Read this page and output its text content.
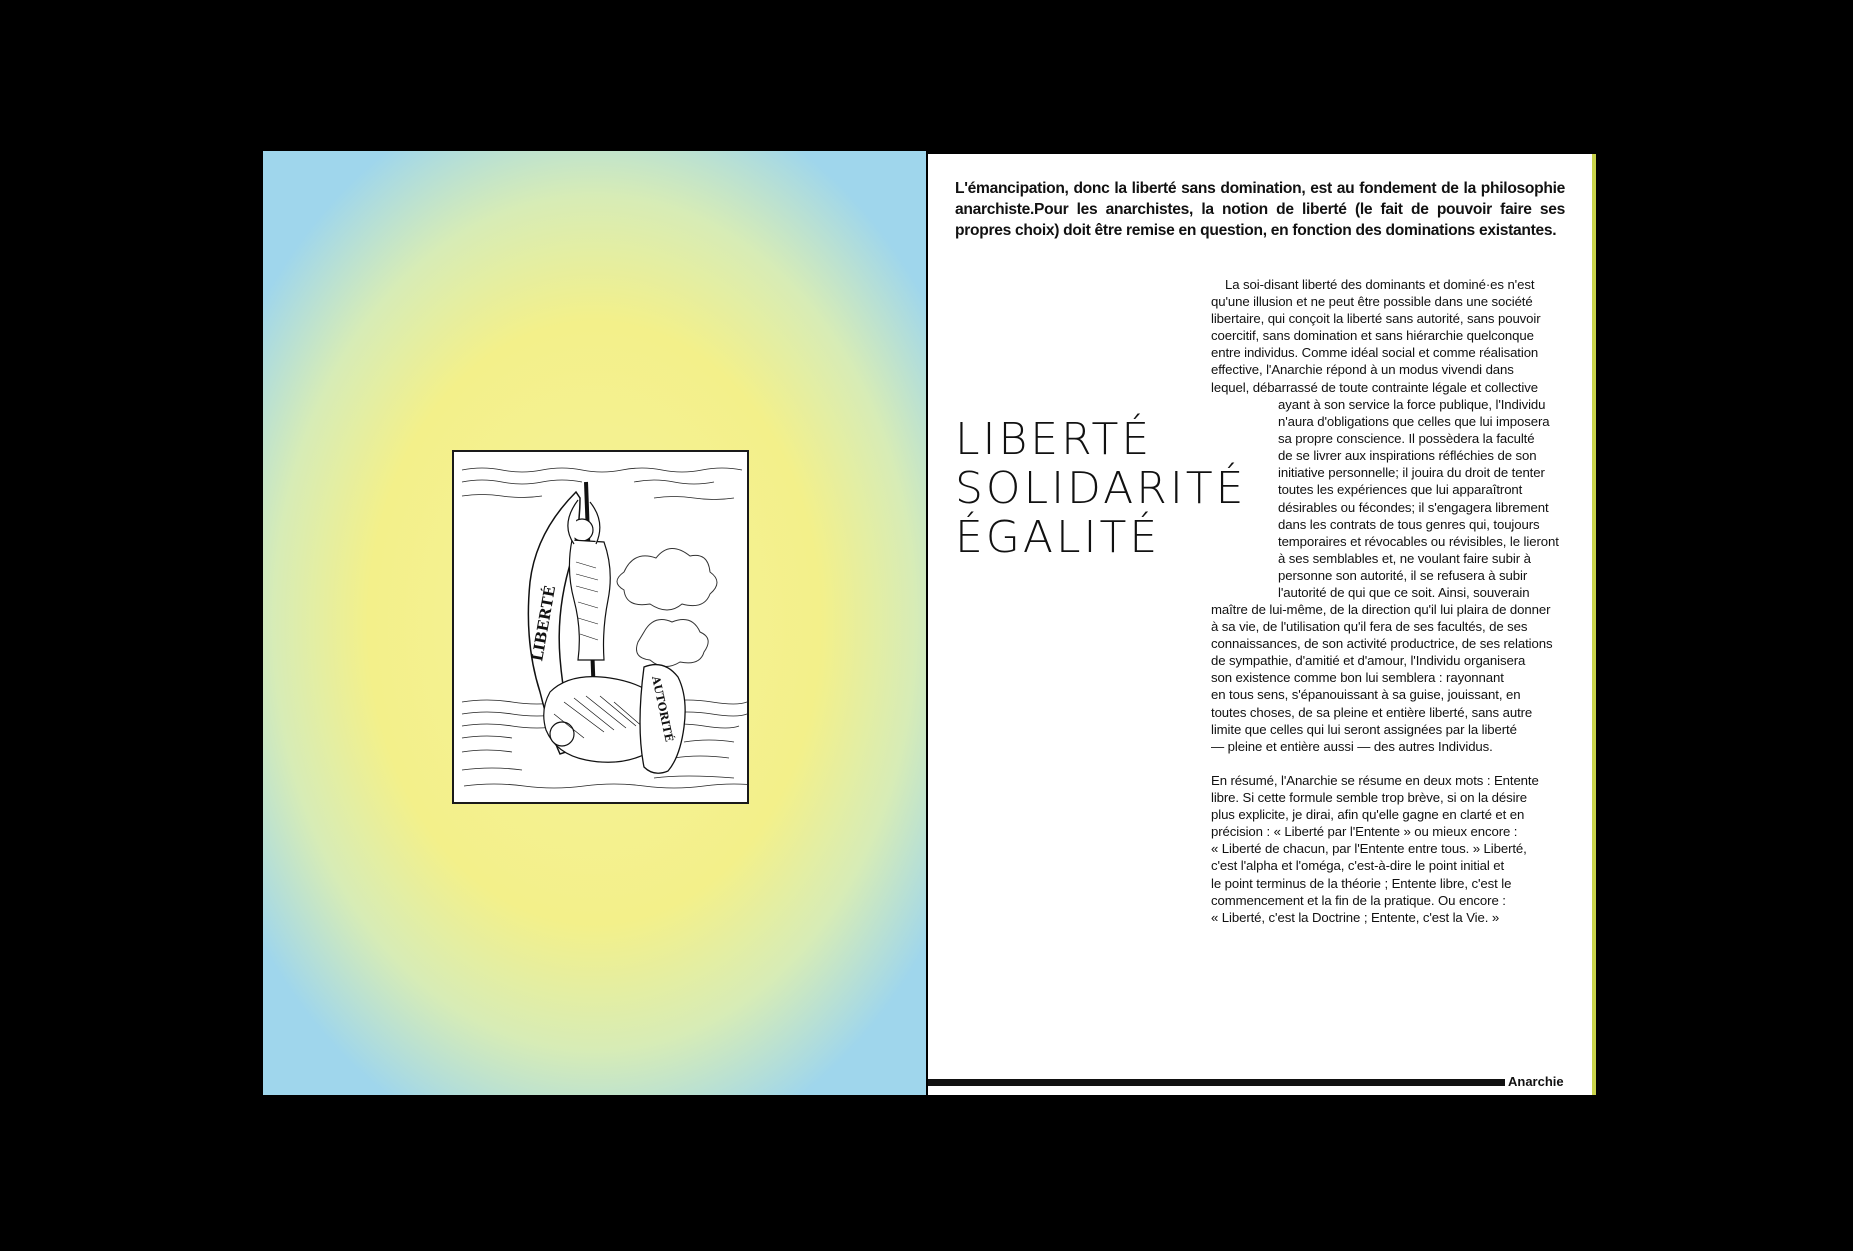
LIBERTÉ
AUTORITÉ
L'émancipation, donc la liberté sans domination, est au fondement de la philosophie anarchiste.Pour les anarchistes, la notion de liberté (le fait de pouvoir faire ses propres choix) doit être remise en question, en fonction des dominations existantes.
LIBERTÉ
SOLIDARITÉ
ÉGALITÉ

La soi-disant liberté des dominants et dominé·es n'est

qu'une illusion et ne peut être possible dans une société

libertaire, qui conçoit la liberté sans autorité, sans pouvoir

coercitif, sans domination et sans hiérarchie quelconque

entre individus. Comme idéal social et comme réalisation

effective, l'Anarchie répond à un modus vivendi dans

lequel, débarrassé de toute contrainte légale et collective

ayant à son service la force publique, l'Individu

n'aura d'obligations que celles que lui imposera

sa propre conscience. Il possèdera la faculté

de se livrer aux inspirations réfléchies de son

initiative personnelle; il jouira du droit de tenter

toutes les expériences que lui apparaîtront

désirables ou fécondes; il s'engagera librement

dans les contrats de tous genres qui, toujours

temporaires et révocables ou révisibles, le lieront

à ses semblables et, ne voulant faire subir à

personne son autorité, il se refusera à subir

l'autorité de qui que ce soit. Ainsi, souverain

maître de lui-même, de la direction qu'il lui plaira de donner

à sa vie, de l'utilisation qu'il fera de ses facultés, de ses

connaissances, de son activité productrice, de ses relations

de sympathie, d'amitié et d'amour, l'Individu organisera

son existence comme bon lui semblera : rayonnant

en tous sens, s'épanouissant à sa guise, jouissant, en

toutes choses, de sa pleine et entière liberté, sans autre

limite que celles qui lui seront assignées par la liberté

— pleine et entière aussi — des autres Individus.

En résumé, l'Anarchie se résume en deux mots : Entente

libre. Si cette formule semble trop brève, si on la désire

plus explicite, je dirai, afin qu'elle gagne en clarté et en

précision : « Liberté par l'Entente » ou mieux encore :

« Liberté de chacun, par l'Entente entre tous. » Liberté,

c'est l'alpha et l'oméga, c'est-à-dire le point initial et

le point terminus de la théorie ; Entente libre, c'est le

commencement et la fin de la pratique. Ou encore :

« Liberté, c'est la Doctrine ; Entente, c'est la Vie. »

Anarchie
